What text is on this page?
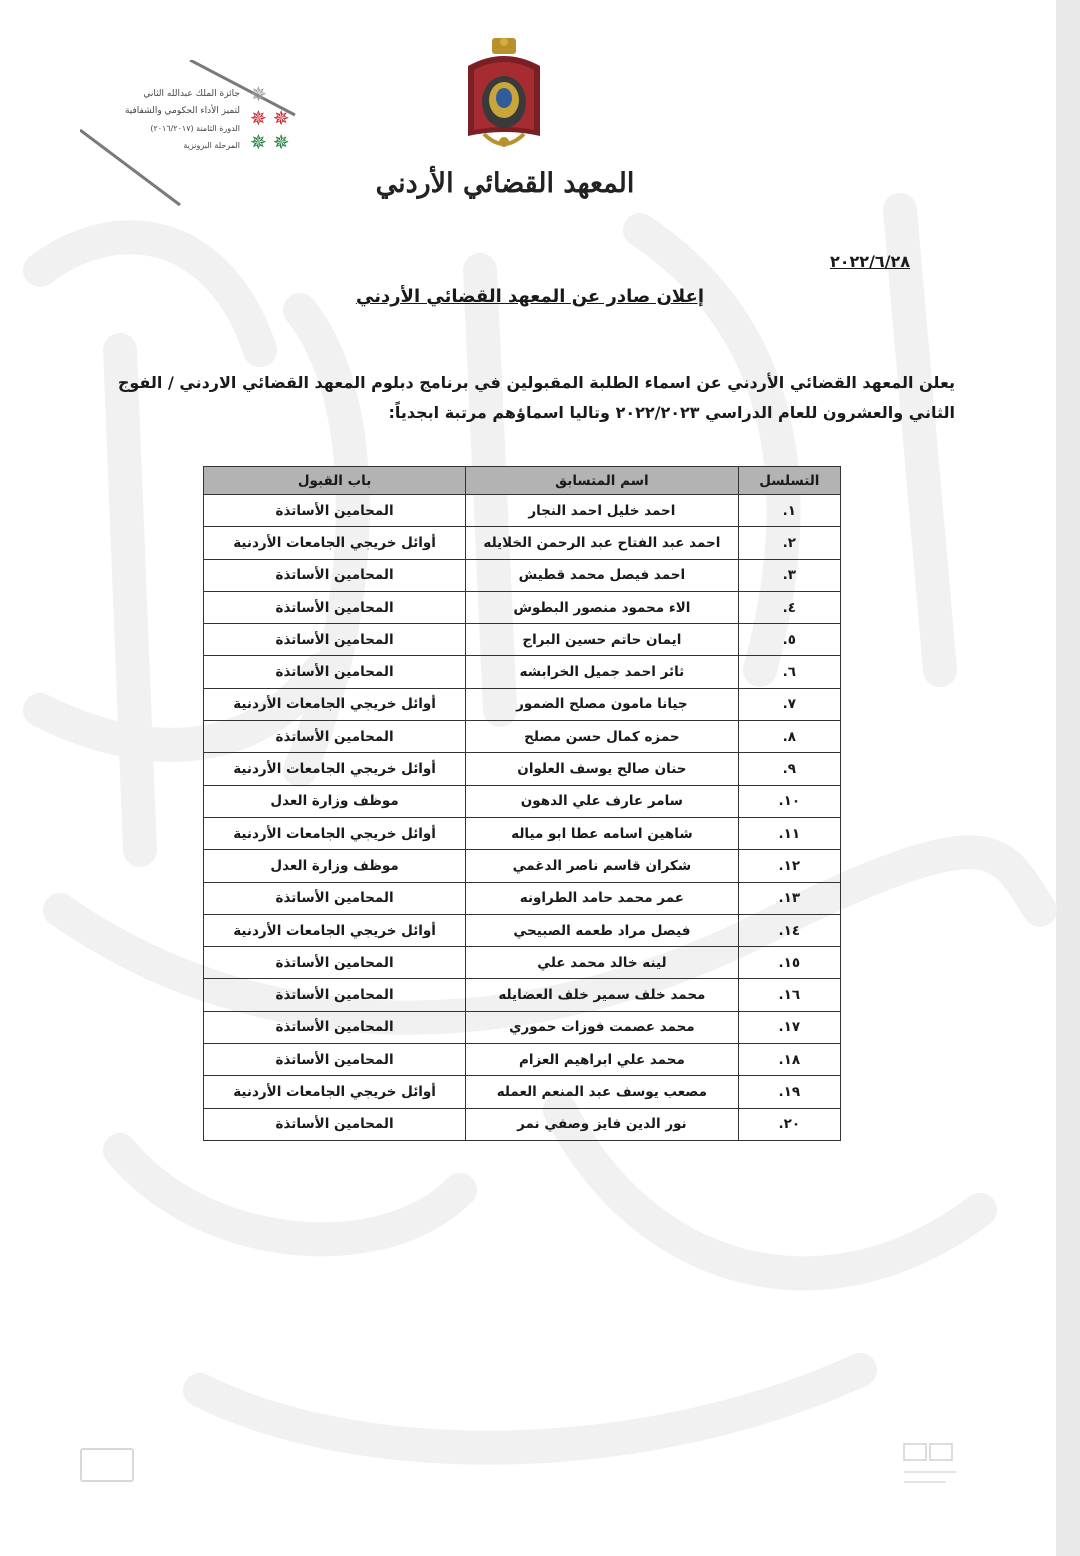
جائزة الملك عبدالله الثاني
لتميز الأداء الحكومي والشفافية
الدورة الثامنة (٢٠١٦/٢٠١٧)
المرحلة البرونزية
✵
✵
✵
✵
✵
المعهد القضائي الأردني
٢٠٢٢/٦/٢٨
إعلان صادر عن المعهد القضائي الأردني
يعلن المعهد القضائي الأردني عن اسماء الطلبة المقبولين في برنامج دبلوم المعهد القضائي الاردني / الفوج الثاني والعشرون للعام الدراسي ٢٠٢٢/٢٠٢٣ وتاليا اسماؤهم مرتبة ابجدياً:
التسلسل	اسم المتسابق	باب القبول
١.	احمد خليل احمد النجار	المحامين الأساتذة
٢.	احمد عبد الفتاح عبد الرحمن الخلايله	أوائل خريجي الجامعات الأردنية
٣.	احمد فيصل محمد قطيش	المحامين الأساتذة
٤.	الاء محمود منصور البطوش	المحامين الأساتذة
٥.	ايمان حاتم حسين البراج	المحامين الأساتذة
٦.	ثائر احمد جميل الخرابشه	المحامين الأساتذة
٧.	جيانا مامون مصلح الضمور	أوائل خريجي الجامعات الأردنية
٨.	حمزه كمال حسن مصلح	المحامين الأساتذة
٩.	حنان صالح يوسف العلوان	أوائل خريجي الجامعات الأردنية
١٠.	سامر عارف علي الدهون	موظف وزارة العدل
١١.	شاهين اسامه عطا ابو مياله	أوائل خريجي الجامعات الأردنية
١٢.	شكران قاسم ناصر الدغمي	موظف وزارة العدل
١٣.	عمر محمد حامد الطراونه	المحامين الأساتذة
١٤.	فيصل مراد طعمه الصبيحي	أوائل خريجي الجامعات الأردنية
١٥.	لينه خالد محمد علي	المحامين الأساتذة
١٦.	محمد خلف سمير خلف العضايله	المحامين الأساتذة
١٧.	محمد عصمت فوزات حموري	المحامين الأساتذة
١٨.	محمد علي ابراهيم العزام	المحامين الأساتذة
١٩.	مصعب يوسف عبد المنعم العمله	أوائل خريجي الجامعات الأردنية
٢٠.	نور الدين فايز وصفي نمر	المحامين الأساتذة
